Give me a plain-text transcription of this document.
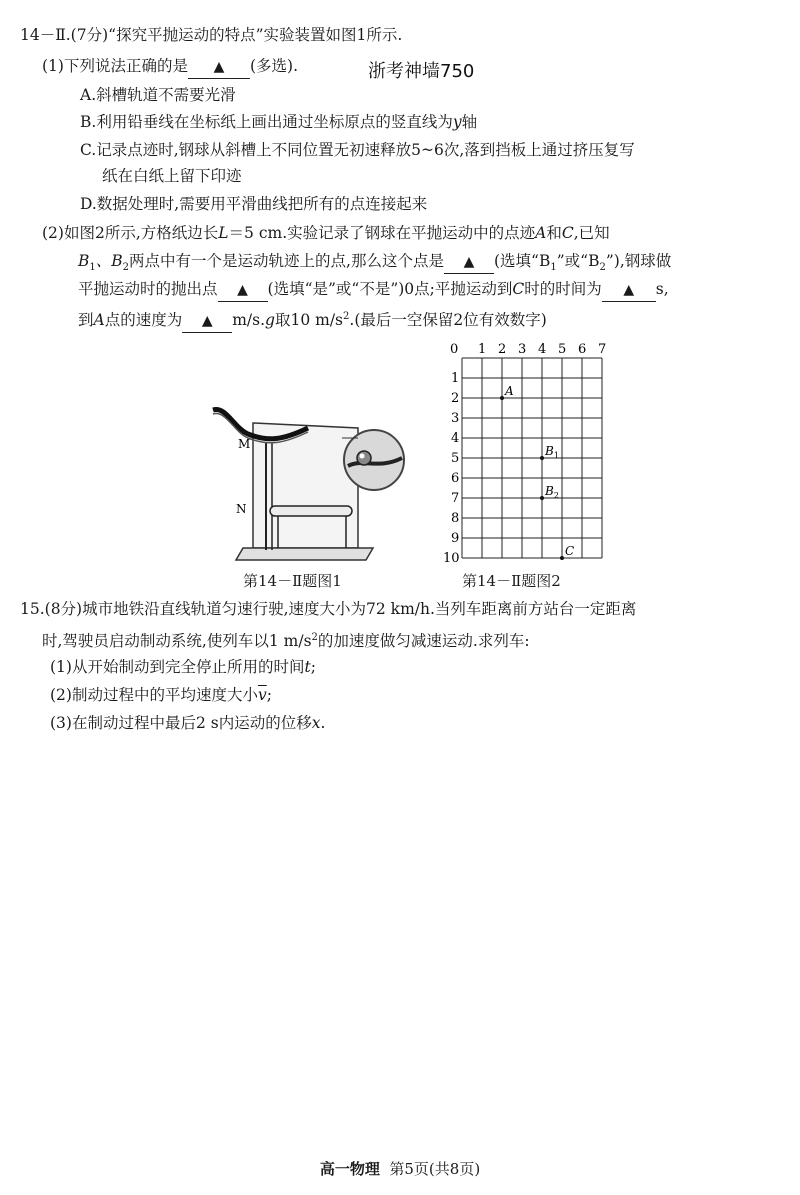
14－Ⅱ.(7分)“探究平抛运动的特点”实验装置如图1所示.
(1)下列说法正确的是 ▲ (多选).	浙考神墙750
A.斜槽轨道不需要光滑
B.利用铅垂线在坐标纸上画出通过坐标原点的竖直线为y轴
C.记录点迹时,钢球从斜槽上不同位置无初速释放5~6次,落到挡板上通过挤压复写
纸在白纸上留下印迹
D.数据处理时,需要用平滑曲线把所有的点连接起来
(2)如图2所示,方格纸边长L＝5 cm.实验记录了钢球在平抛运动中的点迹A和C,已知
$B_1$、$B_2$两点中有一个是运动轨迹上的点,那么这个点是 ▲ (选填“$B_1$”或“$B_2$”),钢球做
平抛运动时的抛出点 ▲ (选填“是”或“不是”)0点;平抛运动到C时的时间为 ▲ s,
到A点的速度为 ▲ m/s.g取10 $m/s^2$.(最后一空保留2位有效数字)
M
N
第14－Ⅱ题图1
0 1 2 3 4 5 6 7
1
2
3
4
5
6
7
8
9
10
A
$B_1$
$B_2$
C
第14－Ⅱ题图2
15.(8分)城市地铁沿直线轨道匀速行驶,速度大小为72 km/h.当列车距离前方站台一定距离
时,驾驶员启动制动系统,使列车以1 $m/s^2$的加速度做匀减速运动.求列车:
(1)从开始制动到完全停止所用的时间t;
(2)制动过程中的平均速度大小$\overline{v}$;
(3)在制动过程中最后2 s内运动的位移x.
高一物理 第5页(共8页)
